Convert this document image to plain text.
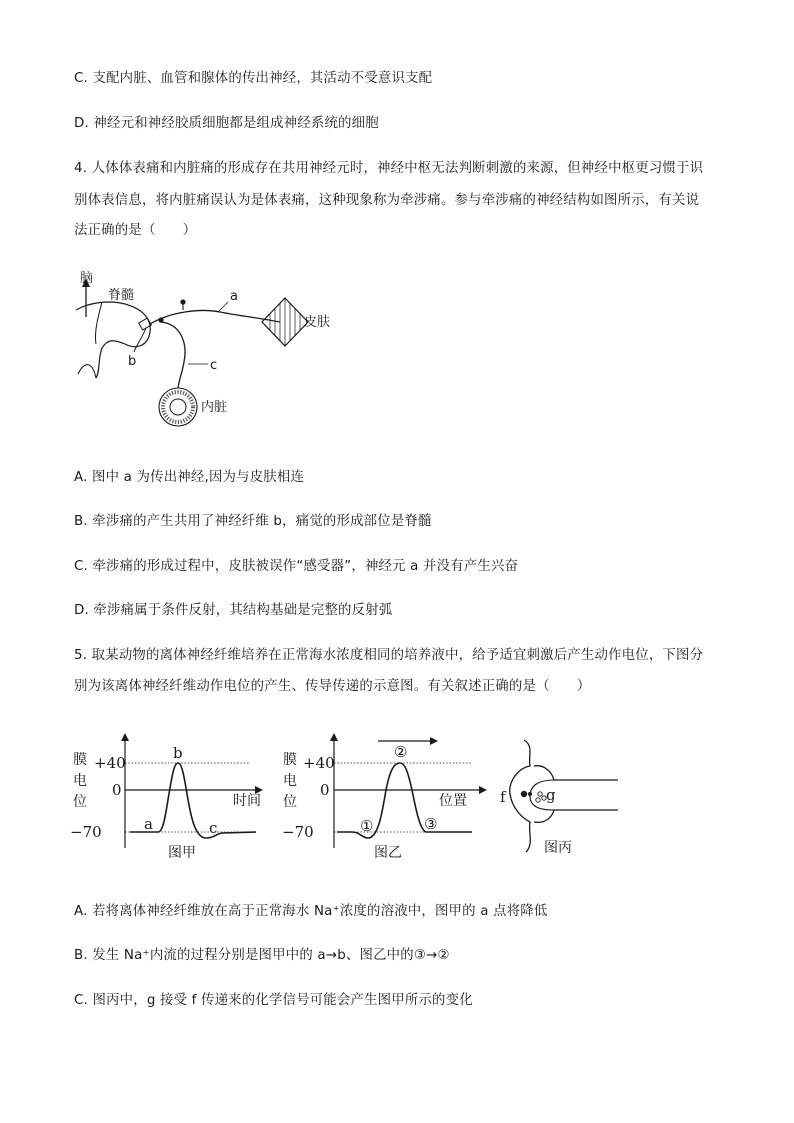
C. 支配内脏、血管和腺体的传出神经，其活动不受意识支配
D. 神经元和神经胶质细胞都是组成神经系统的细胞
4. 人体体表痛和内脏痛的形成存在共用神经元时，神经中枢无法判断刺激的来源，但神经中枢更习惯于识
别体表信息，将内脏痛误认为是体表痛，这种现象称为牵涉痛。参与牵涉痛的神经结构如图所示，有关说
法正确的是（　　）
脑
脊髓	a
皮肤
b	c
内脏
A. 图中 a 为传出神经,因为与皮肤相连
B. 牵涉痛的产生共用了神经纤维 b，痛觉的形成部位是脊髓
C. 牵涉痛的形成过程中，皮肤被误作“感受器”，神经元 a 并没有产生兴奋
D. 牵涉痛属于条件反射，其结构基础是完整的反射弧
5. 取某动物的离体神经纤维培养在正常海水浓度相同的培养液中，给予适宜刺激后产生动作电位，下图分
别为该离体神经纤维动作电位的产生、传导传递的示意图。有关叙述正确的是（　　）
膜
电
位
+40
0
−70	a
b
c
时间
图甲
膜
电
位
+40
0
−70	①
②
③
位置
图乙
f	g
图丙
A. 若将离体神经纤维放在高于正常海水 Na⁺浓度的溶液中，图甲的 a 点将降低
B. 发生 Na⁺内流的过程分别是图甲中的 a→b、图乙中的③→②
C. 图丙中，g 接受 f 传递来的化学信号可能会产生图甲所示的变化
